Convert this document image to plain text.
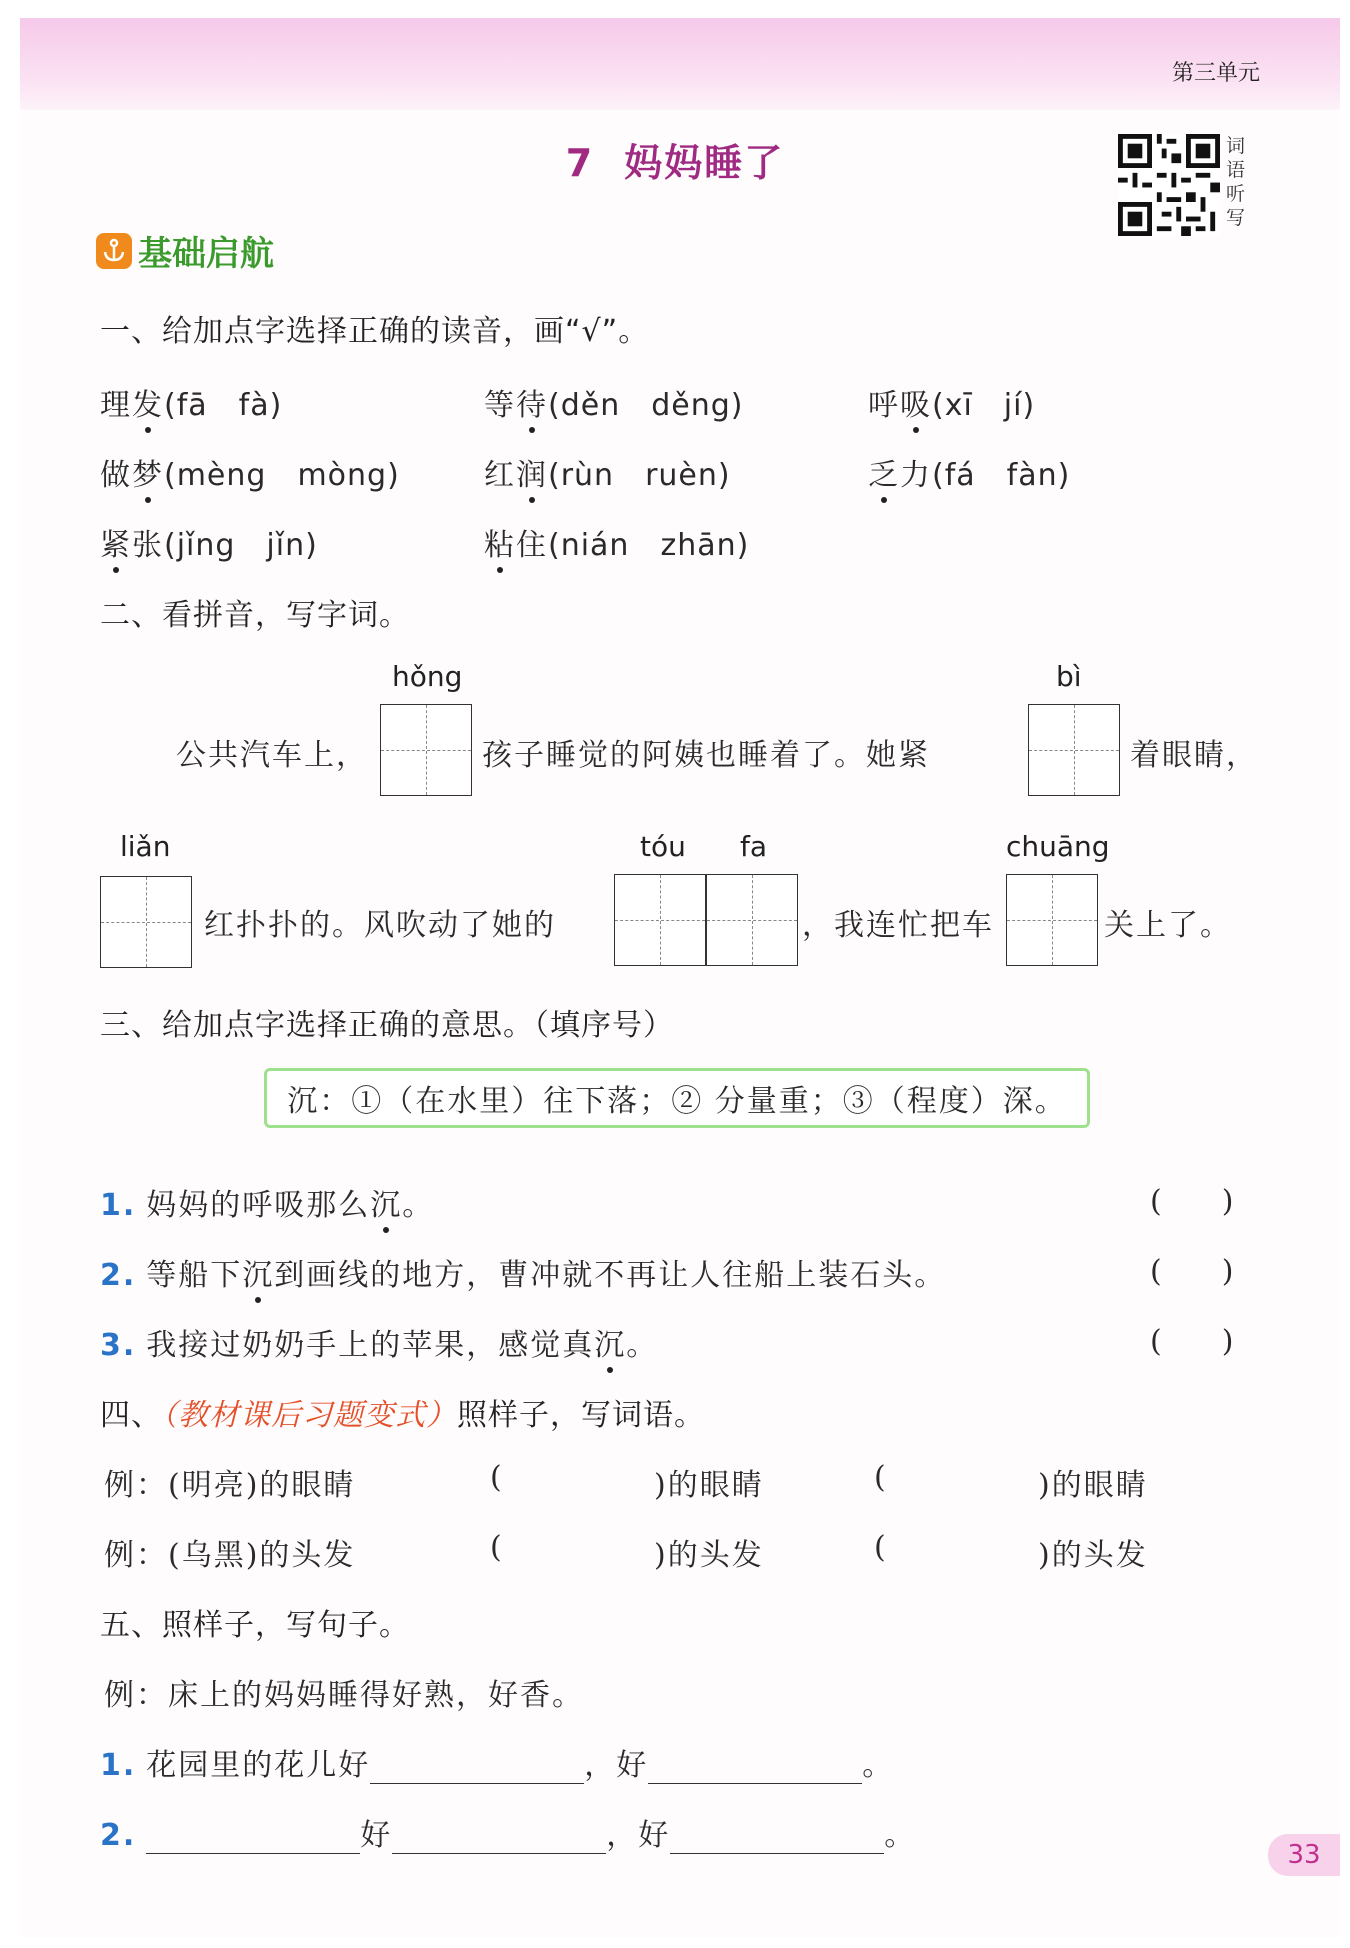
第三单元
7 妈妈睡了	词语听写
基础启航
一、给加点字选择正确的读音，画“√”。
理发(fā　fà)	等待(děn　děng)	呼吸(xī　jí)
做梦(mèng　mòng)	红润(rùn　ruèn)	乏力(fá　fàn)
紧张(jǐng　jǐn)	粘住(nián　zhān)
二、看拼音，写字词。
hǒng	bì
公共汽车上，	孩子睡觉的阿姨也睡着了。她紧	着眼睛，
liǎn	tóu fa	chuāng
红扑扑的。风吹动了她的	，我连忙把车	关上了。
三、给加点字选择正确的意思。（填序号）
沉：①（在水里）往下落；② 分量重；③（程度）深。
1. 妈妈的呼吸那么沉。	(　　)
2. 等船下沉到画线的地方，曹冲就不再让人往船上装石头。	(　　)
3. 我接过奶奶手上的苹果，感觉真沉。	(　　)
四、（教材课后习题变式）照样子，写词语。
例：(明亮)的眼睛	(	)的眼睛	(	)的眼睛
例：(乌黑)的头发	(	)的头发	(	)的头发
五、照样子，写句子。
例：床上的妈妈睡得好熟，好香。
1. 花园里的花儿好	，好	。
2.	好	，好	。
33
